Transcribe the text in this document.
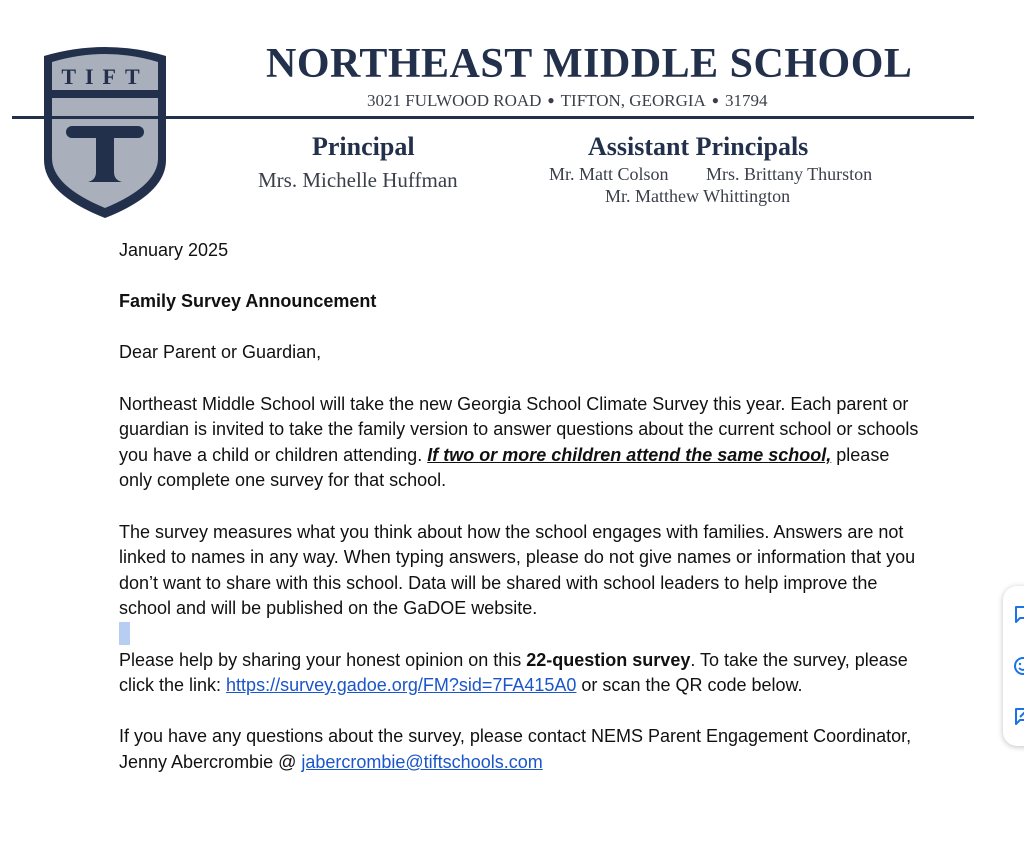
TIFT	NORTHEAST MIDDLE SCHOOL
3021 FULWOOD ROAD ● TIFTON, GEORGIA ● 31794
Principal
Mrs. Michelle Huffman
Assistant Principals
Mr. Matt Colson Mrs. Brittany Thurston
Mr. Matthew Whittington

January 2025

Family Survey Announcement

Dear Parent or Guardian,

Northeast Middle School will take the new Georgia School Climate Survey this year. Each parent or guardian is invited to take the family version to answer questions about the current school or schools you have a child or children attending. If two or more children attend the same school, please only complete one survey for that school.

The survey measures what you think about how the school engages with families. Answers are not linked to names in any way. When typing answers, please do not give names or information that you don’t want to share with this school. Data will be shared with school leaders to help improve the school and will be published on the GaDOE website.

Please help by sharing your honest opinion on this 22-question survey. To take the survey, please click the link: https://survey.gadoe.org/FM?sid=7FA415A0 or scan the QR code below.

If you have any questions about the survey, please contact NEMS Parent Engagement Coordinator, Jenny Abercrombie @ jabercrombie@tiftschools.com
